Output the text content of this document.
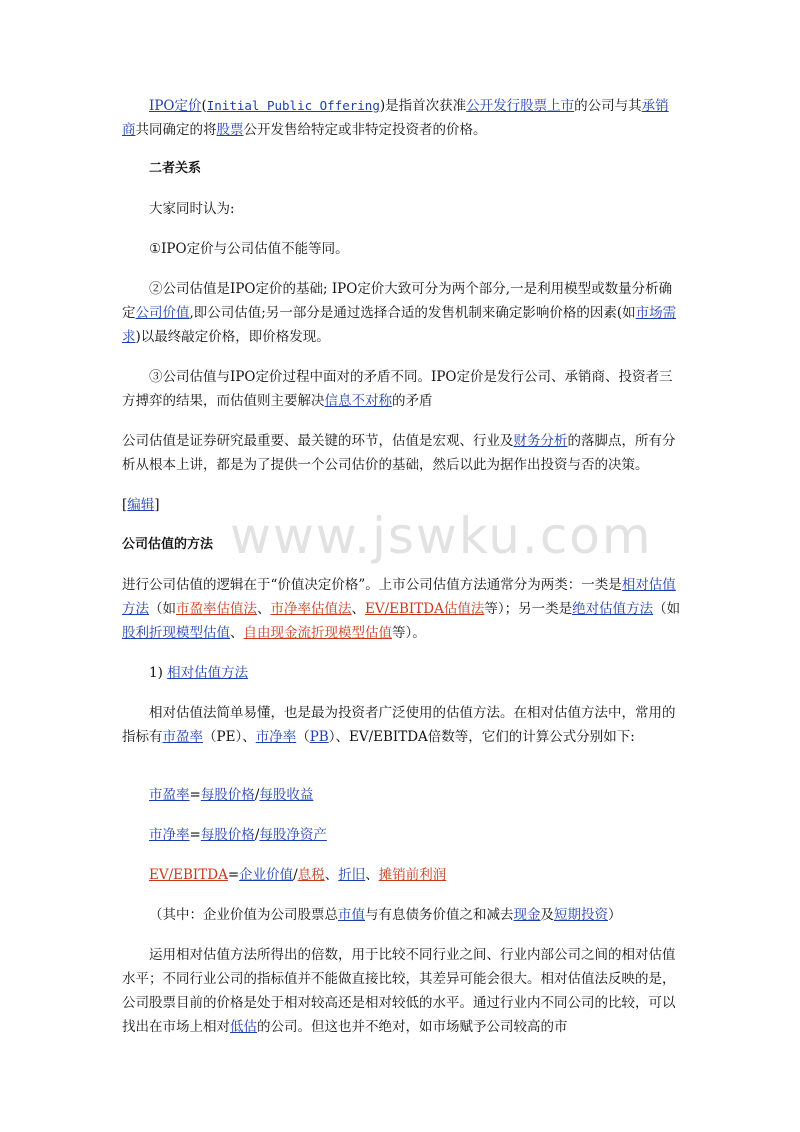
www.jswku.com

IPO定价(Initial Public Offering)是指首次获准公开发行股票上市的公司与其承销商共同确定的将股票公开发售给特定或非特定投资者的价格。

二者关系

大家同时认为:

①IPO定价与公司估值不能等同。

②公司估值是IPO定价的基础; IPO定价大致可分为两个部分,一是利用模型或数量分析确定公司价值,即公司估值;另一部分是通过选择合适的发售机制来确定影响价格的因素(如市场需求)以最终敲定价格，即价格发现。

③公司估值与IPO定价过程中面对的矛盾不同。IPO定价是发行公司、承销商、投资者三方搏弈的结果，而估值则主要解决信息不对称的矛盾

公司估值是证券研究最重要、最关键的环节，估值是宏观、行业及财务分析的落脚点，所有分析从根本上讲，都是为了提供一个公司估价的基础，然后以此为据作出投资与否的决策。

[编辑]

公司估值的方法

进行公司估值的逻辑在于“价值决定价格”。上市公司估值方法通常分为两类：一类是相对估值方法（如市盈率估值法、市净率估值法、EV/EBITDA估值法等）；另一类是绝对估值方法（如股利折现模型估值、自由现金流折现模型估值等）。

1) 相对估值方法

相对估值法简单易懂，也是最为投资者广泛使用的估值方法。在相对估值方法中，常用的指标有市盈率（PE）、市净率（PB）、EV/EBITDA倍数等，它们的计算公式分别如下:

市盈率=每股价格/每股收益

市净率=每股价格/每股净资产

EV/EBITDA=企业价值/息税、折旧、摊销前利润

（其中：企业价值为公司股票总市值与有息债务价值之和减去现金及短期投资）

运用相对估值方法所得出的倍数，用于比较不同行业之间、行业内部公司之间的相对估值水平；不同行业公司的指标值并不能做直接比较，其差异可能会很大。相对估值法反映的是，公司股票目前的价格是处于相对较高还是相对较低的水平。通过行业内不同公司的比较，可以找出在市场上相对低估的公司。但这也并不绝对，如市场赋予公司较高的市
